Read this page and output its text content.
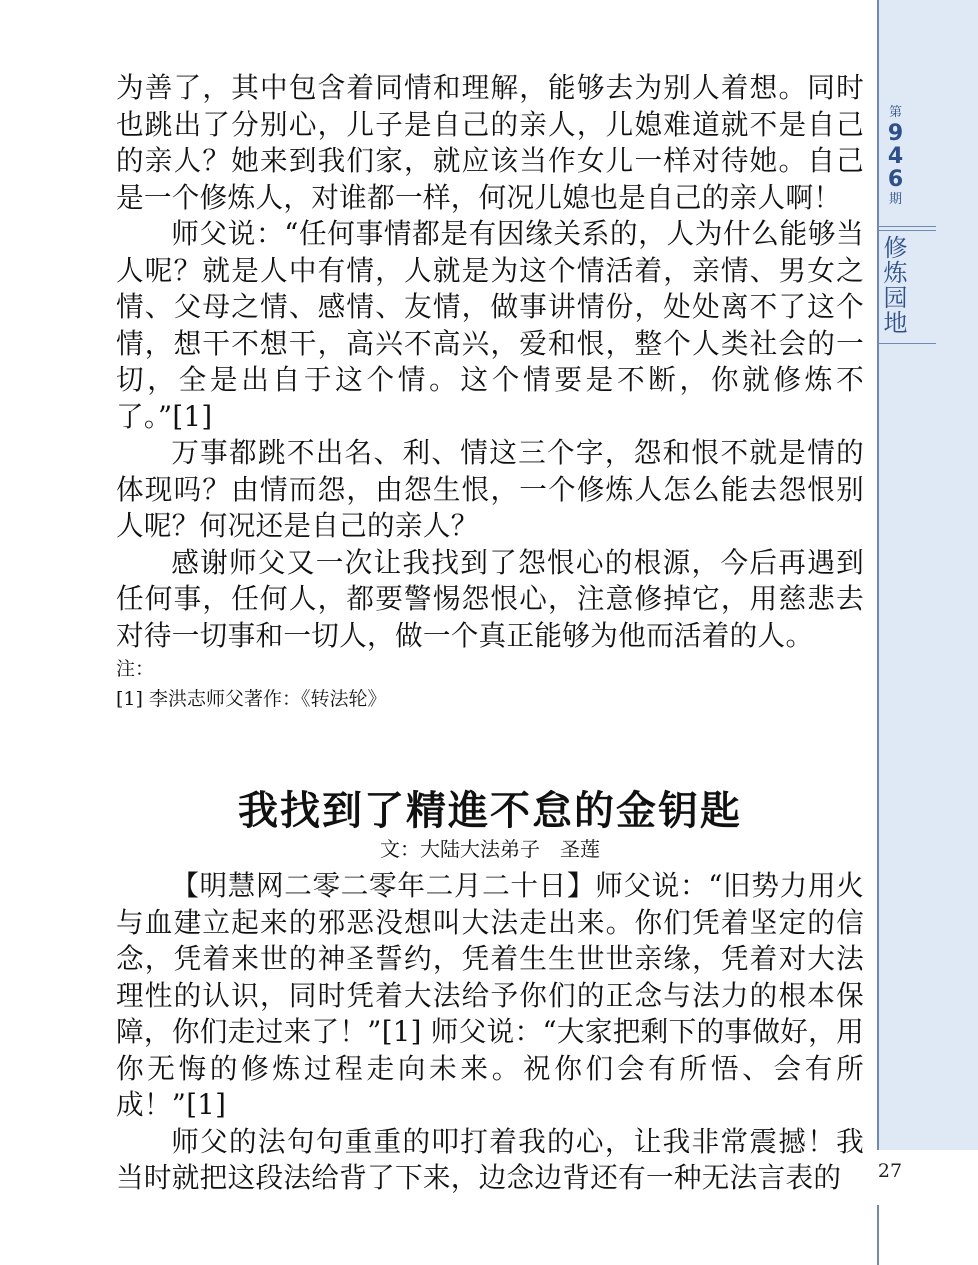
第
9
4
6
期
修
炼
园
地
27

为善了，其中包含着同情和理解，能够去为别人着想。同时也跳出了分别心，儿子是自己的亲人，儿媳难道就不是自己的亲人？她来到我们家，就应该当作女儿一样对待她。自己是一个修炼人，对谁都一样，何况儿媳也是自己的亲人啊！

师父说：“任何事情都是有因缘关系的，人为什么能够当人呢？就是人中有情，人就是为这个情活着，亲情、男女之情、父母之情、感情、友情，做事讲情份，处处离不了这个情，想干不想干，高兴不高兴，爱和恨，整个人类社会的一切，全是出自于这个情。这个情要是不断，你就修炼不了。”[1]

万事都跳不出名、利、情这三个字，怨和恨不就是情的体现吗？由情而怨，由怨生恨，一个修炼人怎么能去怨恨别人呢？何况还是自己的亲人？

感谢师父又一次让我找到了怨恨心的根源，今后再遇到任何事，任何人，都要警惕怨恨心，注意修掉它，用慈悲去对待一切事和一切人，做一个真正能够为他而活着的人。

注：

[1] 李洪志师父著作：《转法轮》

我找到了精進不怠的金钥匙

文：大陆大法弟子　圣莲

【明慧网二零二零年二月二十日】师父说：“旧势力用火与血建立起来的邪恶没想叫大法走出来。你们凭着坚定的信念，凭着来世的神圣誓约，凭着生生世世亲缘，凭着对大法理性的认识，同时凭着大法给予你们的正念与法力的根本保障，你们走过来了！”[1] 师父说：“大家把剩下的事做好，用你无悔的修炼过程走向未来。祝你们会有所悟、会有所成！”[1]

师父的法句句重重的叩打着我的心，让我非常震撼！我当时就把这段法给背了下来，边念边背还有一种无法言表的
